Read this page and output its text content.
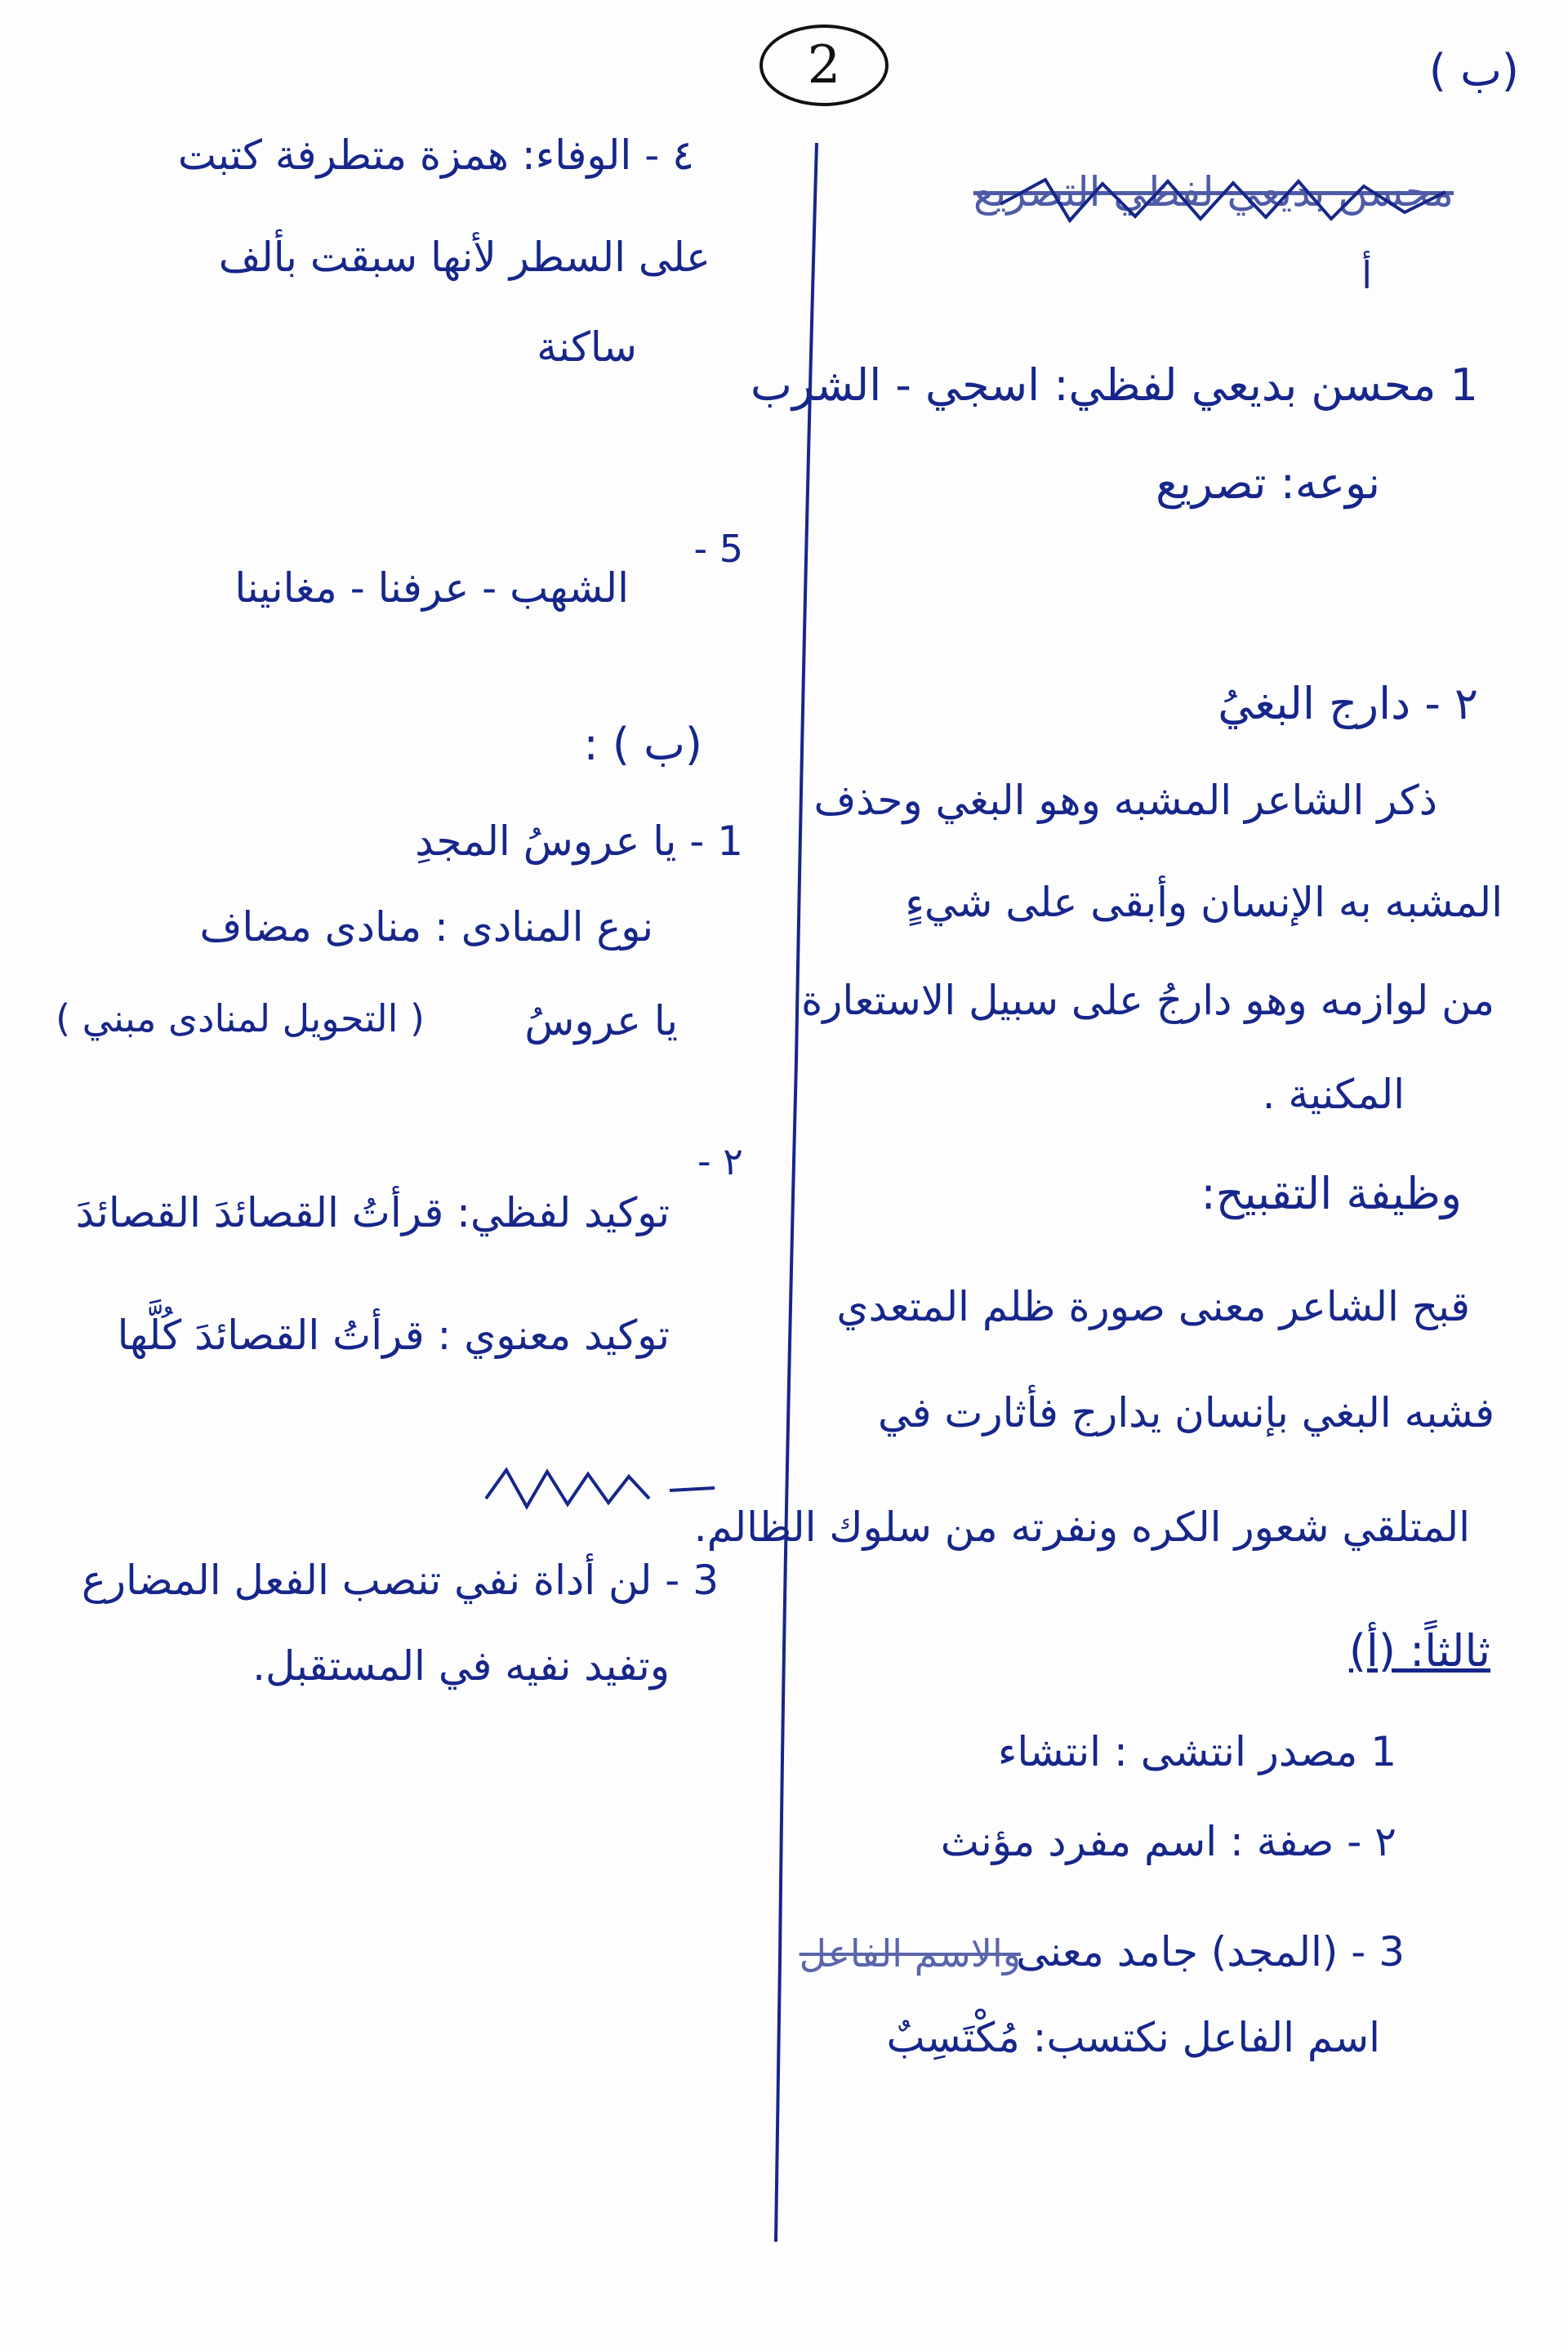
2	(ب )
محسن بديعي لفظي التصريع
أ
1 محسن بديعي لفظي: اسجي - الشرب
نوعه: تصريع
٢ - دارج البغيُ
ذكر الشاعر المشبه وهو البغي وحذف
المشبه به الإنسان وأبقى على شيءٍ
من لوازمه وهو دارجُ على سبيل الاستعارة
المكنية .
وظيفة التقبيح:
قبح الشاعر معنى صورة ظلم المتعدي
فشبه البغي بإنسان يدارج فأثارت في
المتلقي شعور الكره ونفرته من سلوك الظالم.
ثالثاً: (أ)
1 مصدر انتشى : انتشاء
٢ - صفة : اسم مفرد مؤنث
3 - (المجد) جامد معنى
والاسم الفاعل
اسم الفاعل نكتسب: مُكْتَسِبٌ
٤ - الوفاء: همزة متطرفة كتبت
على السطر لأنها سبقت بألف
ساكنة
5 -
الشهب - عرفنا - مغانينا
(ب ) :
1 - يا عروسُ المجدِ
نوع المنادى : منادى مضاف
يا عروسُ
( التحويل لمنادى مبني )
٢ -
توكيد لفظي: قرأتُ القصائدَ القصائدَ
توكيد معنوي : قرأتُ القصائدَ كُلَّها
3 - لن أداة نفي تنصب الفعل المضارع
وتفيد نفيه في المستقبل.
